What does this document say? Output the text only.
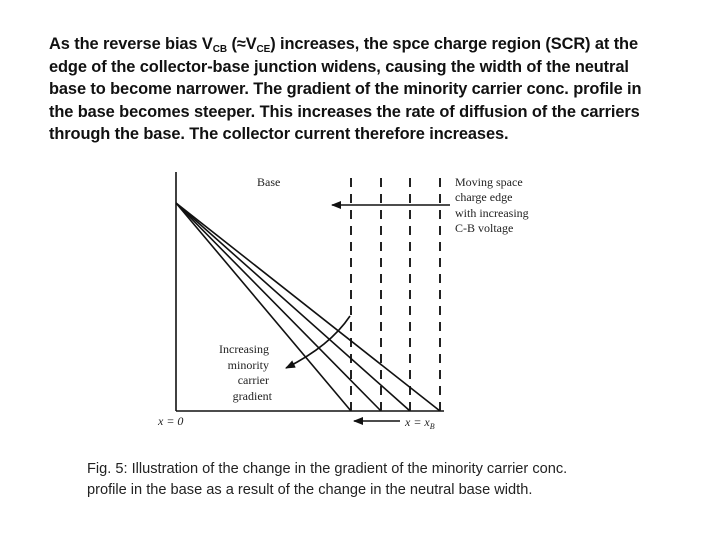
As the reverse bias $V_{CB}$ $(\approx V_{CE})$ increases, the spce charge region (SCR) at the
edge of the collector-base junction widens, causing the width of the neutral
base to become narrower. The gradient of the minority carrier conc. profile in
the base becomes steeper. This increases the rate of diffusion of the carriers
through the base. The collector current therefore increases.
Base	Moving space charge edge with increasing C-B voltage
Increasing minority carrier gradient
x = 0	$x = x_B$
Fig. 5: Illustration of the change in the gradient of the minority carrier conc.
profile in the base as a result of the change in the neutral base width.
